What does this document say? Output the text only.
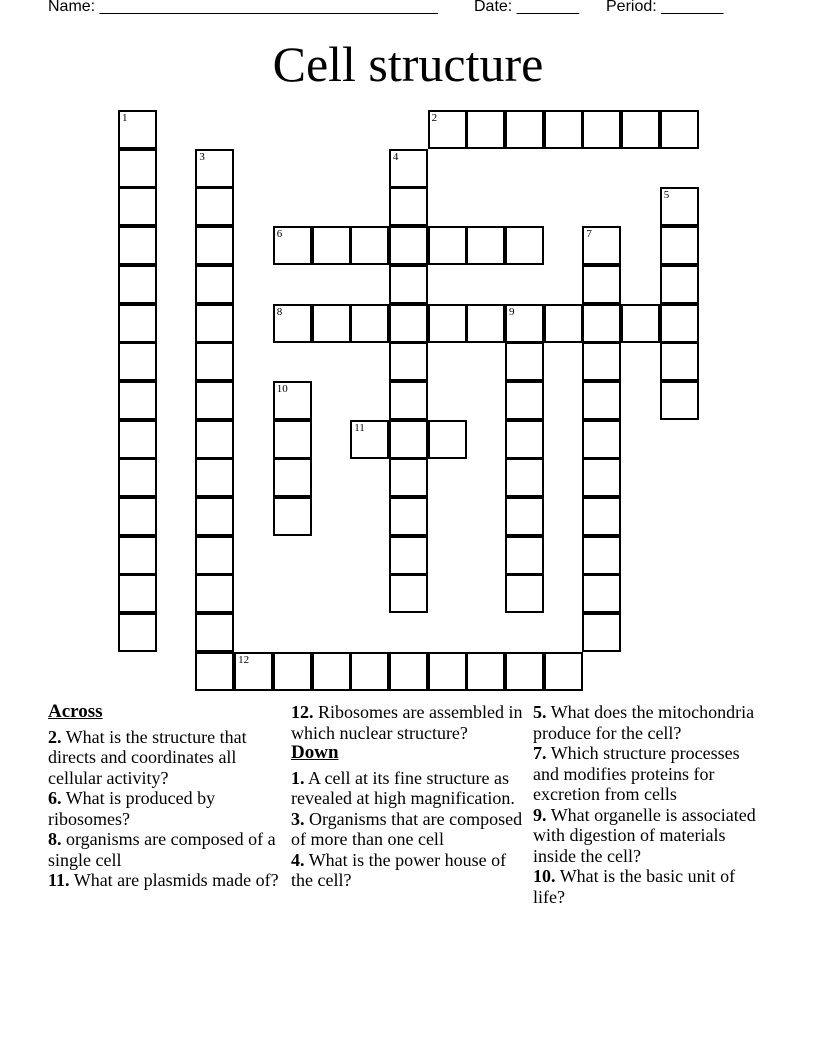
Name: ______________________________________ Date: _______ Period: _______
Cell structure
1	2
3	4
5
6	7
8	9
10
11
12
Across

2. What is the structure that directs and coordinates all cellular activity?

6. What is produced by ribosomes?

8. organisms are composed of a single cell

11. What are plasmids made of?

12. Ribosomes are assembled in which nuclear structure?

Down

1. A cell at its fine structure as revealed at high magnification.

3. Organisms that are composed of more than one cell

4. What is the power house of the cell?

5. What does the mitochondria produce for the cell?

7. Which structure processes and modifies proteins for excretion from cells

9. What organelle is associated with digestion of materials inside the cell?

10. What is the basic unit of life?
